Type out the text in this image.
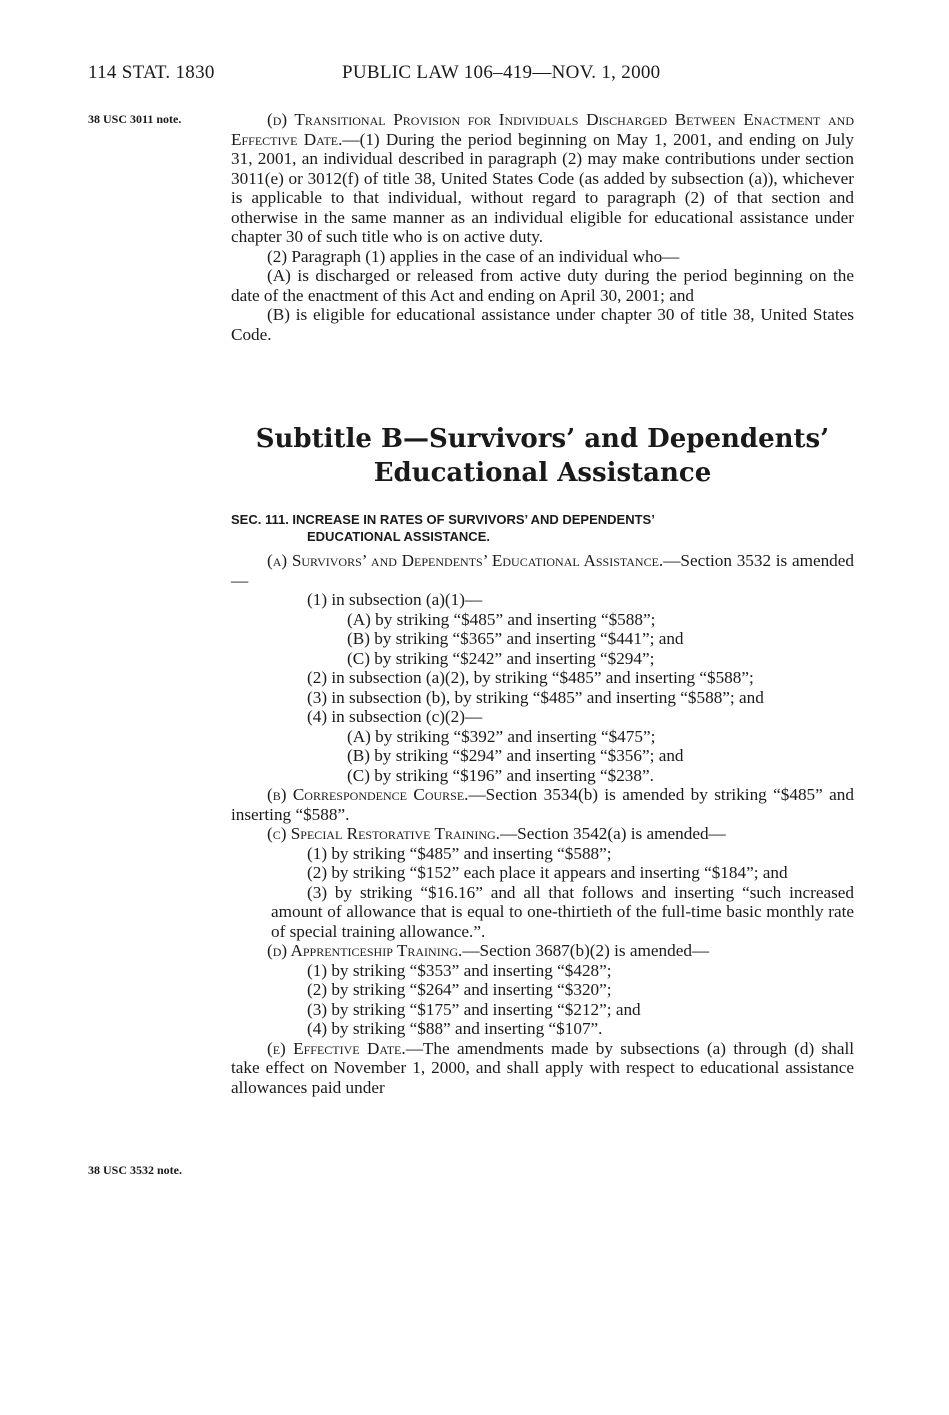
114 STAT. 1830	PUBLIC LAW 106–419—NOV. 1, 2000
38 USC 3011 note.
38 USC 3532 note.

(d) Transitional Provision for Individuals Discharged Between Enactment and Effective Date.—(1) During the period beginning on May 1, 2001, and ending on July 31, 2001, an individual described in paragraph (2) may make contributions under section 3011(e) or 3012(f) of title 38, United States Code (as added by subsection (a)), whichever is applicable to that individual, without regard to paragraph (2) of that section and otherwise in the same manner as an individual eligible for educational assistance under chapter 30 of such title who is on active duty.

(2) Paragraph (1) applies in the case of an individual who—

(A) is discharged or released from active duty during the period beginning on the date of the enactment of this Act and ending on April 30, 2001; and

(B) is eligible for educational assistance under chapter 30 of title 38, United States Code.

Subtitle B—Survivors’ and Dependents’
Educational Assistance
SEC. 111. INCREASE IN RATES OF SURVIVORS’ AND DEPENDENTS’
EDUCATIONAL ASSISTANCE.

(a) Survivors’ and Dependents’ Educational Assistance.—Section 3532 is amended—

(1) in subsection (a)(1)—

(A) by striking “$485” and inserting “$588”;

(B) by striking “$365” and inserting “$441”; and

(C) by striking “$242” and inserting “$294”;

(2) in subsection (a)(2), by striking “$485” and inserting “$588”;

(3) in subsection (b), by striking “$485” and inserting “$588”; and

(4) in subsection (c)(2)—

(A) by striking “$392” and inserting “$475”;

(B) by striking “$294” and inserting “$356”; and

(C) by striking “$196” and inserting “$238”.

(b) Correspondence Course.—Section 3534(b) is amended by striking “$485” and inserting “$588”.

(c) Special Restorative Training.—Section 3542(a) is amended—

(1) by striking “$485” and inserting “$588”;

(2) by striking “$152” each place it appears and inserting “$184”; and

(3) by striking “$16.16” and all that follows and inserting “such increased amount of allowance that is equal to one-thirtieth of the full-time basic monthly rate of special training allowance.”.

(d) Apprenticeship Training.—Section 3687(b)(2) is amended—

(1) by striking “$353” and inserting “$428”;

(2) by striking “$264” and inserting “$320”;

(3) by striking “$175” and inserting “$212”; and

(4) by striking “$88” and inserting “$107”.

(e) Effective Date.—The amendments made by subsections (a) through (d) shall take effect on November 1, 2000, and shall apply with respect to educational assistance allowances paid under
